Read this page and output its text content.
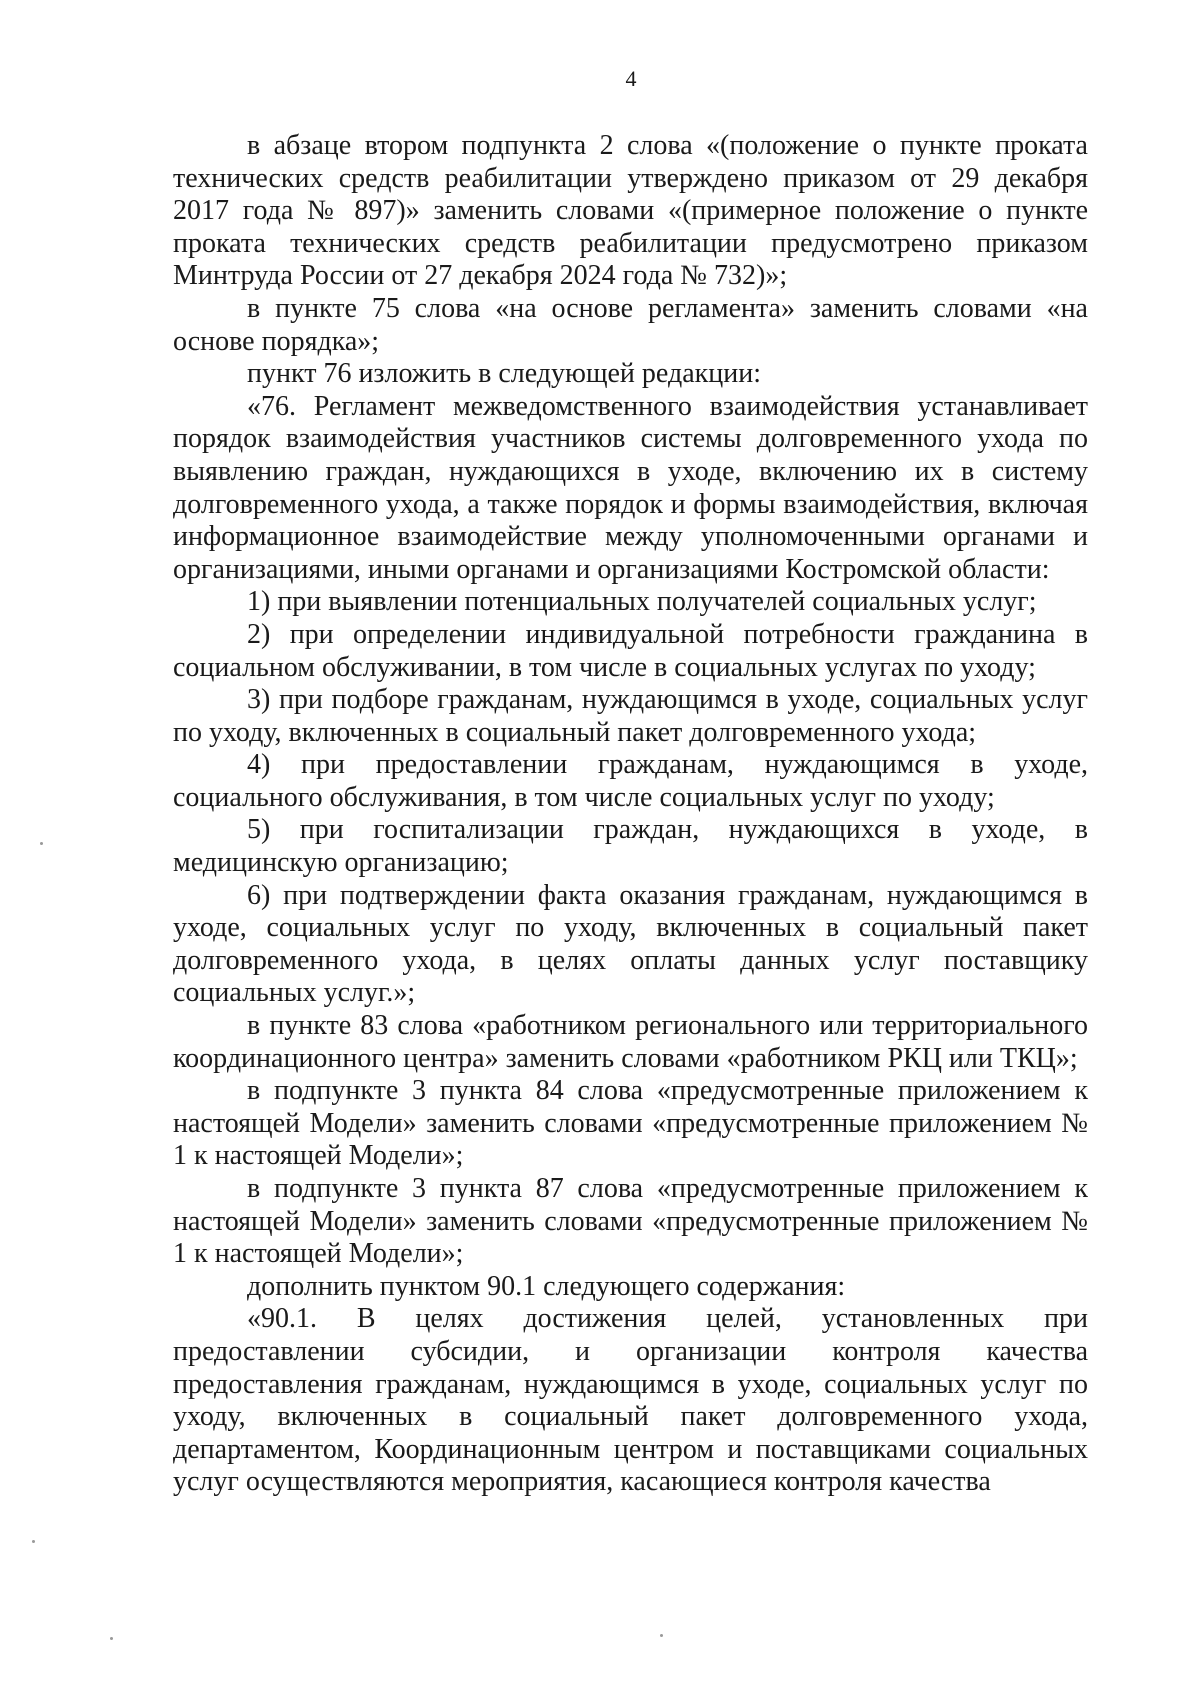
4

в абзаце втором подпункта 2 слова «(положение о пункте проката технических средств реабилитации утверждено приказом от 29 декабря 2017 года № 897)» заменить словами «(примерное положение о пункте проката технических средств реабилитации предусмотрено приказом Минтруда России от 27 декабря 2024 года № 732)»;

в пункте 75 слова «на основе регламента» заменить словами «на основе порядка»;

пункт 76 изложить в следующей редакции:

«76. Регламент межведомственного взаимодействия устанавливает порядок взаимодействия участников системы долговременного ухода по выявлению граждан, нуждающихся в уходе, включению их в систему долговременного ухода, а также порядок и формы взаимодействия, включая информационное взаимодействие между уполномоченными органами и организациями, иными органами и организациями Костромской области:

1) при выявлении потенциальных получателей социальных услуг;

2) при определении индивидуальной потребности гражданина в социальном обслуживании, в том числе в социальных услугах по уходу;

3) при подборе гражданам, нуждающимся в уходе, социальных услуг по уходу, включенных в социальный пакет долговременного ухода;

4) при предоставлении гражданам, нуждающимся в уходе, социального обслуживания, в том числе социальных услуг по уходу;

5) при госпитализации граждан, нуждающихся в уходе, в медицинскую организацию;

6) при подтверждении факта оказания гражданам, нуждающимся в уходе, социальных услуг по уходу, включенных в социальный пакет долговременного ухода, в целях оплаты данных услуг поставщику социальных услуг.»;

в пункте 83 слова «работником регионального или территориального координационного центра» заменить словами «работником РКЦ или ТКЦ»;

в подпункте 3 пункта 84 слова «предусмотренные приложением к настоящей Модели» заменить словами «предусмотренные приложением № 1 к настоящей Модели»;

в подпункте 3 пункта 87 слова «предусмотренные приложением к настоящей Модели» заменить словами «предусмотренные приложением № 1 к настоящей Модели»;

дополнить пунктом 90.1 следующего содержания:

«90.1. В целях достижения целей, установленных при предоставлении субсидии, и организации контроля качества предоставления гражданам, нуждающимся в уходе, социальных услуг по уходу, включенных в социальный пакет долговременного ухода, департаментом, Координационным центром и поставщиками социальных услуг осуществляются мероприятия, касающиеся контроля качества
